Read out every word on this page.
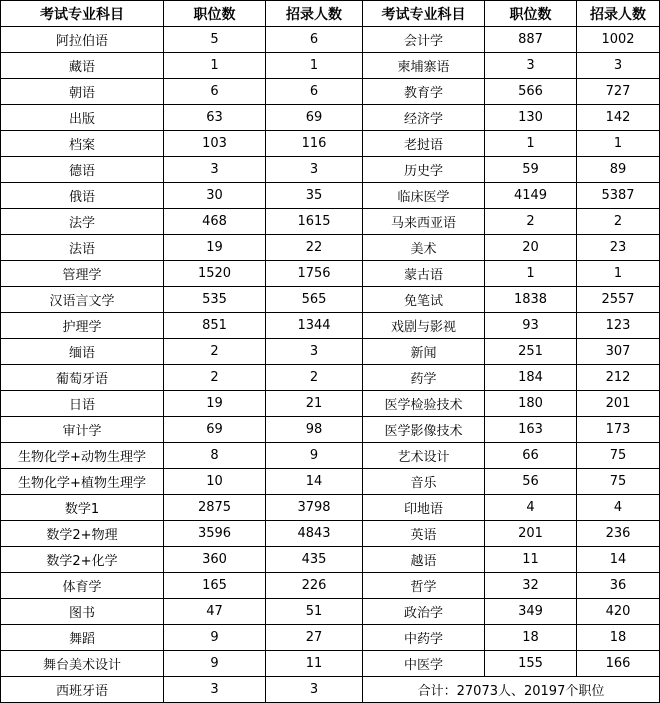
考试专业科目	职位数	招录人数	考试专业科目	职位数	招录人数
阿拉伯语	5	6	会计学	887	1002
藏语	1	1	柬埔寨语	3	3
朝语	6	6	教育学	566	727
出版	63	69	经济学	130	142
档案	103	116	老挝语	1	1
德语	3	3	历史学	59	89
俄语	30	35	临床医学	4149	5387
法学	468	1615	马来西亚语	2	2
法语	19	22	美术	20	23
管理学	1520	1756	蒙古语	1	1
汉语言文学	535	565	免笔试	1838	2557
护理学	851	1344	戏剧与影视	93	123
缅语	2	3	新闻	251	307
葡萄牙语	2	2	药学	184	212
日语	19	21	医学检验技术	180	201
审计学	69	98	医学影像技术	163	173
生物化学+动物生理学	8	9	艺术设计	66	75
生物化学+植物生理学	10	14	音乐	56	75
数学1	2875	3798	印地语	4	4
数学2+物理	3596	4843	英语	201	236
数学2+化学	360	435	越语	11	14
体育学	165	226	哲学	32	36
图书	47	51	政治学	349	420
舞蹈	9	27	中药学	18	18
舞台美术设计	9	11	中医学	155	166
西班牙语	3	3	合计：27073人、20197个职位		
